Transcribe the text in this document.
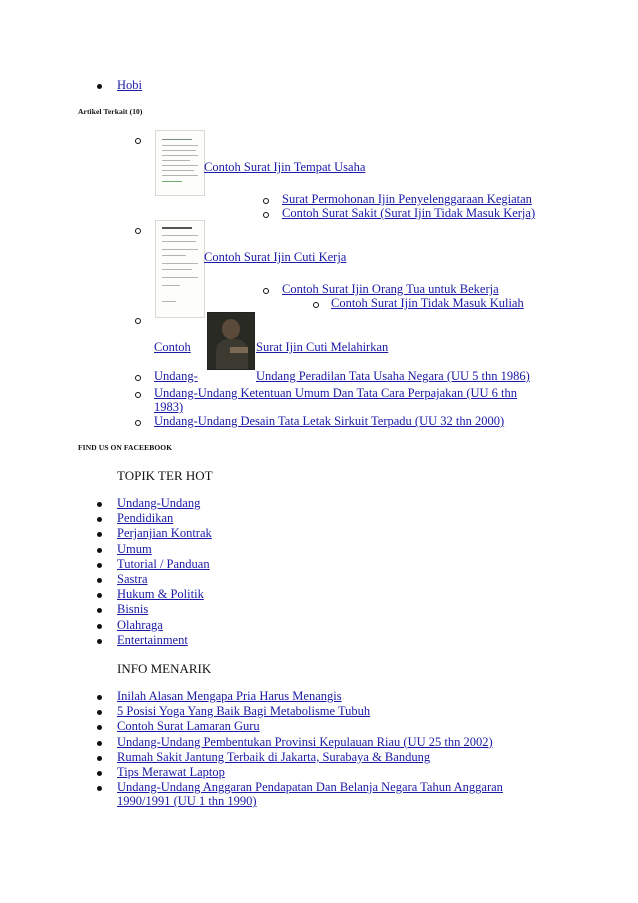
Hobi
Artikel Terkait (10)
Contoh Surat Ijin Tempat Usaha
Surat Permohonan Ijin Penyelenggaraan Kegiatan
Contoh Surat Sakit (Surat Ijin Tidak Masuk Kerja)
Contoh Surat Ijin Cuti Kerja
Contoh Surat Ijin Orang Tua untuk Bekerja
Contoh Surat Ijin Tidak Masuk Kuliah
Contoh	Surat Ijin Cuti Melahirkan
Undang-	Undang Peradilan Tata Usaha Negara (UU 5 thn 1986)
Undang-Undang Ketentuan Umum Dan Tata Cara Perpajakan (UU 6 thn
1983)
Undang-Undang Desain Tata Letak Sirkuit Terpadu (UU 32 thn 2000)
FIND US ON FACEEBOOK
TOPIK TER HOT
Undang-Undang
Pendidikan
Perjanjian Kontrak
Umum
Tutorial / Panduan
Sastra
Hukum & Politik
Bisnis
Olahraga
Entertainment
INFO MENARIK
Inilah Alasan Mengapa Pria Harus Menangis
5 Posisi Yoga Yang Baik Bagi Metabolisme Tubuh
Contoh Surat Lamaran Guru
Undang-Undang Pembentukan Provinsi Kepulauan Riau (UU 25 thn 2002)
Rumah Sakit Jantung Terbaik di Jakarta, Surabaya & Bandung
Tips Merawat Laptop
Undang-Undang Anggaran Pendapatan Dan Belanja Negara Tahun Anggaran
1990/1991 (UU 1 thn 1990)
